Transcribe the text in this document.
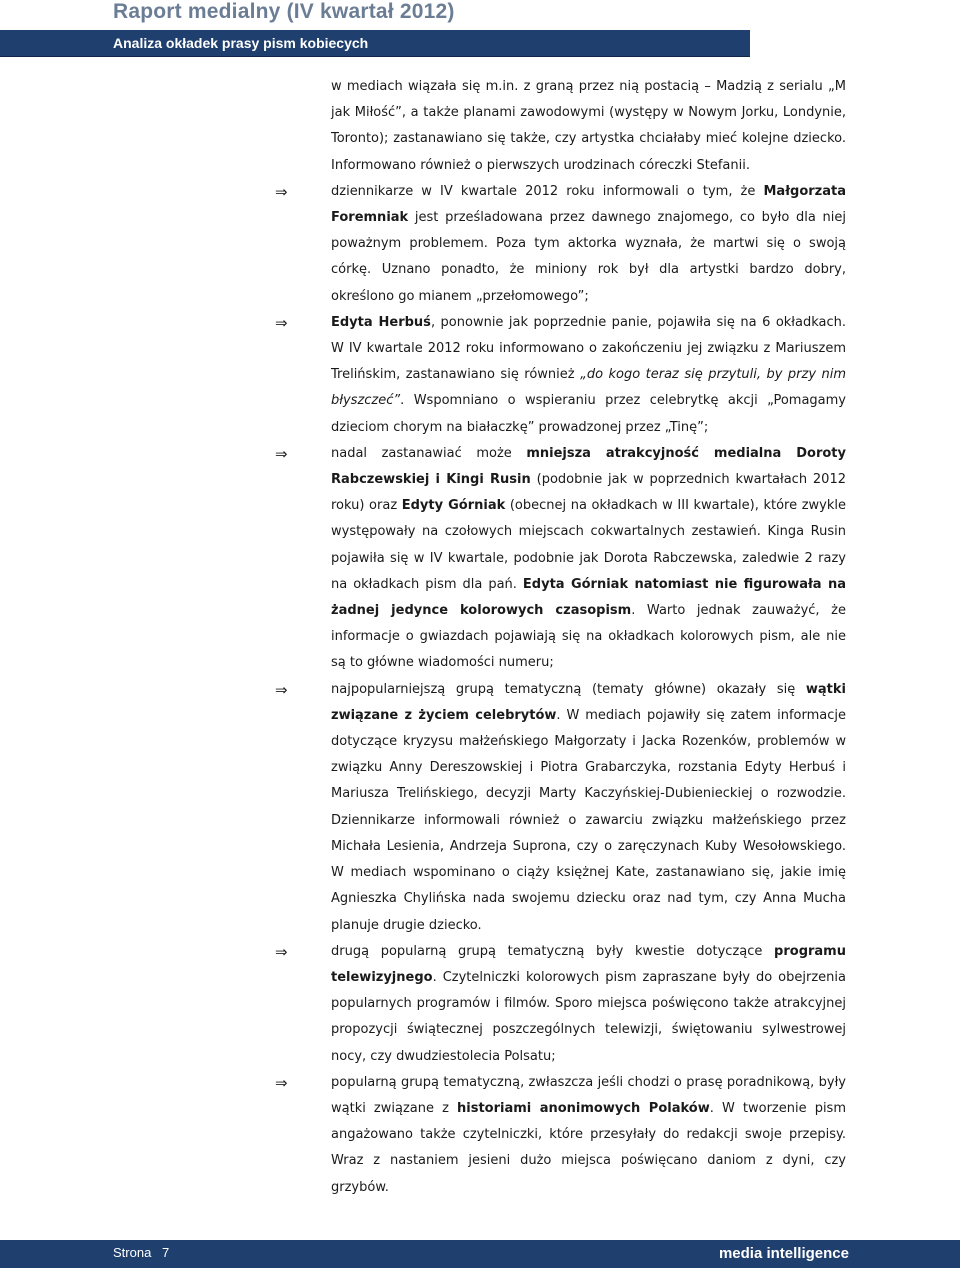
Raport medialny (IV kwartał 2012)
Analiza okładek prasy pism kobiecych
w mediach wiązała się m.in. z graną przez nią postacią – Madzią z serialu „M jak Miłość”, a także planami zawodowymi (występy w Nowym Jorku, Londynie, Toronto); zastanawiano się także, czy artystka chciałaby mieć kolejne dziecko. Informowano również o pierwszych urodzinach córeczki Stefanii.
⇒	dziennikarze w IV kwartale 2012 roku informowali o tym, że Małgorzata Foremniak jest prześladowana przez dawnego znajomego, co było dla niej poważnym problemem. Poza tym aktorka wyznała, że martwi się o swoją córkę. Uznano ponadto, że miniony rok był dla artystki bardzo dobry, określono go mianem „przełomowego”;
⇒	Edyta Herbuś, ponownie jak poprzednie panie, pojawiła się na 6 okładkach. W IV kwartale 2012 roku informowano o zakończeniu jej związku z Mariuszem Trelińskim, zastanawiano się również „do kogo teraz się przytuli, by przy nim błyszczeć”. Wspomniano o wspieraniu przez celebrytkę akcji „Pomagamy dzieciom chorym na białaczkę” prowadzonej przez „Tinę”;
⇒	nadal zastanawiać może mniejsza atrakcyjność medialna Doroty Rabczewskiej i Kingi Rusin (podobnie jak w poprzednich kwartałach 2012 roku) oraz Edyty Górniak (obecnej na okładkach w III kwartale), które zwykle występowały na czołowych miejscach cokwartalnych zestawień. Kinga Rusin pojawiła się w IV kwartale, podobnie jak Dorota Rabczewska, zaledwie 2 razy na okładkach pism dla pań. Edyta Górniak natomiast nie figurowała na żadnej jedynce kolorowych czasopism. Warto jednak zauważyć, że informacje o gwiazdach pojawiają się na okładkach kolorowych pism, ale nie są to główne wiadomości numeru;
⇒	najpopularniejszą grupą tematyczną (tematy główne) okazały się wątki związane z życiem celebrytów. W mediach pojawiły się zatem informacje dotyczące kryzysu małżeńskiego Małgorzaty i Jacka Rozenków, problemów w związku Anny Dereszowskiej i Piotra Grabarczyka, rozstania Edyty Herbuś i Mariusza Trelińskiego, decyzji Marty Kaczyńskiej-Dubienieckiej o rozwodzie. Dziennikarze informowali również o zawarciu związku małżeńskiego przez Michała Lesienia, Andrzeja Suprona, czy o zaręczynach Kuby Wesołowskiego. W mediach wspominano o ciąży księżnej Kate, zastanawiano się, jakie imię Agnieszka Chylińska nada swojemu dziecku oraz nad tym, czy Anna Mucha planuje drugie dziecko.
⇒	drugą popularną grupą tematyczną były kwestie dotyczące programu telewizyjnego. Czytelniczki kolorowych pism zapraszane były do obejrzenia popularnych programów i filmów. Sporo miejsca poświęcono także atrakcyjnej propozycji świątecznej poszczególnych telewizji, świętowaniu sylwestrowej nocy, czy dwudziestolecia Polsatu;
⇒	popularną grupą tematyczną, zwłaszcza jeśli chodzi o prasę poradnikową, były wątki związane z historiami anonimowych Polaków. W tworzenie pism angażowano także czytelniczki, które przesyłały do redakcji swoje przepisy. Wraz z nastaniem jesieni dużo miejsca poświęcano daniom z dyni, czy grzybów.
Strona 7	media intelligence
